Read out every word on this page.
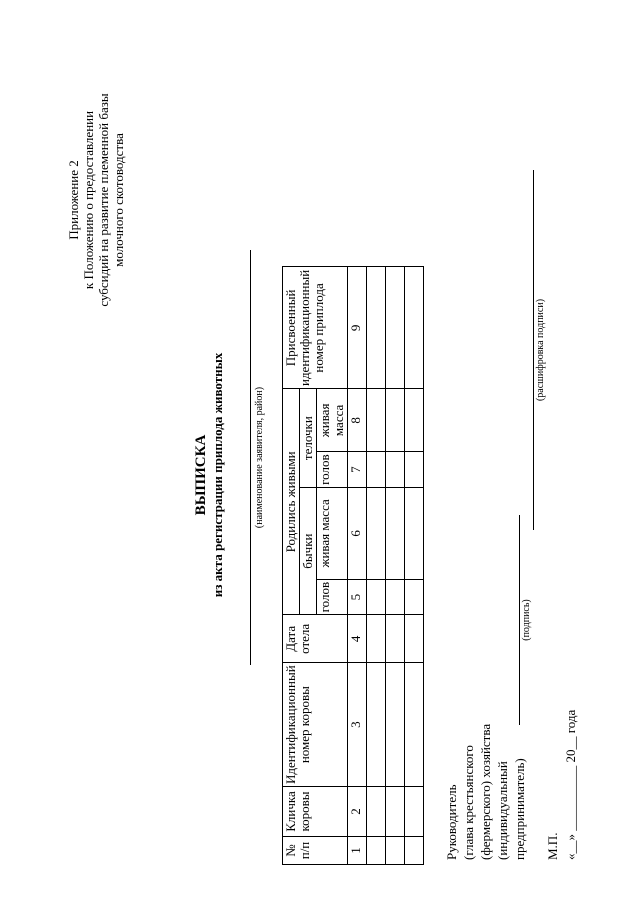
Приложение 2 к Положению о предоставлении субсидий на развитие племенной базы молочного скотоводства
ВЫПИСКА из акта регистрации приплода животных	(наименование заявителя, район)
№ п/п	Кличка коровы	Идентификационный номер коровы	Дата отела	Родились живыми				Присвоенный идентификационный номер приплода
				бычки		телочки		
				голов	живая масса	голов	живая масса	
1	2	3	4	5	6	7	8	9

Руководитель (глава крестьянского (фермерского) хозяйства (индивидуальный предприниматель)
(подпись)
(расшифровка подписи)
М.П. «__» __________ 20__ года
